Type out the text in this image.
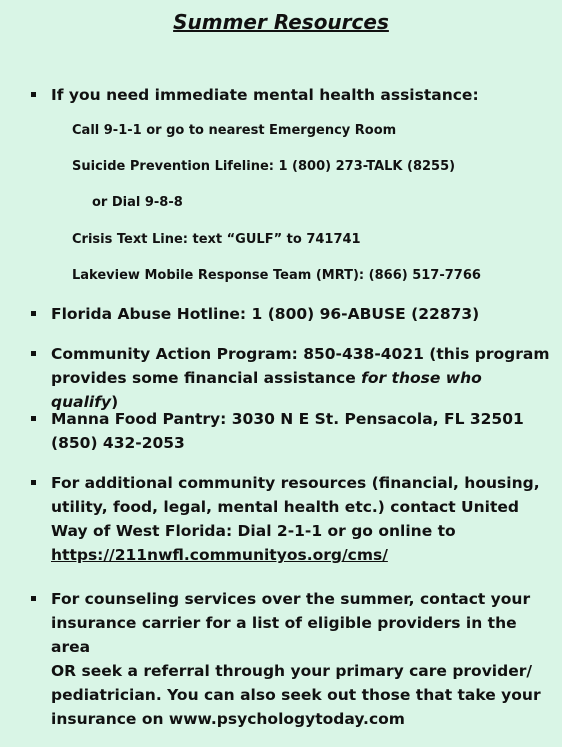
Summer Resources
If you need immediate mental health assistance:
Call 9-1-1 or go to nearest Emergency Room
Suicide Prevention Lifeline: 1 (800) 273-TALK (8255)
or Dial 9-8-8
Crisis Text Line: text “GULF” to 741741
Lakeview Mobile Response Team (MRT): (866) 517-7766
Florida Abuse Hotline: 1 (800) 96-ABUSE (22873)
Community Action Program: 850-438-4021 (this program
provides some financial assistance for those who qualify)
Manna Food Pantry: 3030 N E St. Pensacola, FL 32501
(850) 432-2053
For additional community resources (financial, housing,
utility, food, legal, mental health etc.) contact United
Way of West Florida: Dial 2-1-1 or go online to
https://211nwfl.communityos.org/cms/
For counseling services over the summer, contact your
insurance carrier for a list of eligible providers in the area
OR seek a referral through your primary care provider/
pediatrician. You can also seek out those that take your
insurance on www.psychologytoday.com
